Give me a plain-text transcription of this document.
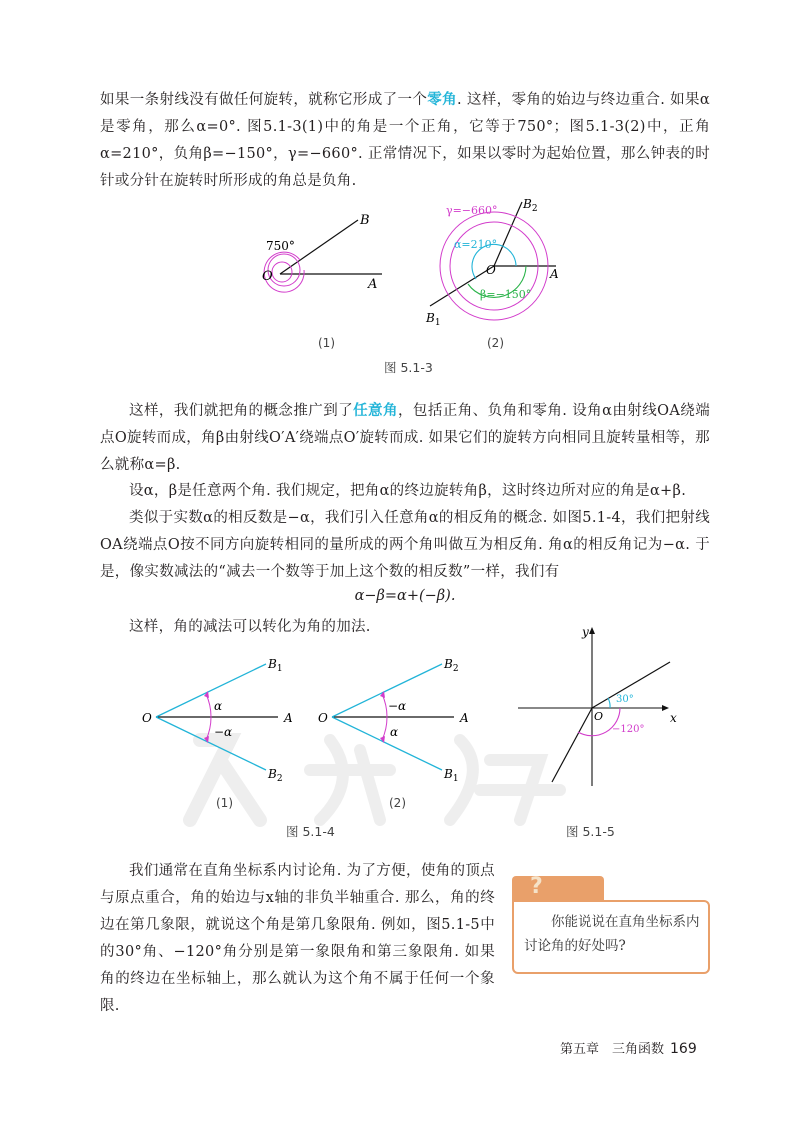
如果一条射线没有做任何旋转，就称它形成了一个零角. 这样，零角的始边与终边重合. 如果α是零角，那么α=0°. 图5.1-3(1)中的角是一个正角，它等于750°；图5.1-3(2)中，正角α=210°，负角β=−150°，γ=−660°. 正常情况下，如果以零时为起始位置，那么钟表的时针或分针在旋转时所形成的角总是负角.

750°
O
A
B
γ=−660°
α=210°
β=−150°
O	A
$B_2$
$B_1$
(1)	(2)
图 5.1-3

这样，我们就把角的概念推广到了任意角，包括正角、负角和零角. 设角α由射线OA绕端点O旋转而成，角β由射线O′A′绕端点O′旋转而成. 如果它们的旋转方向相同且旋转量相等，那么就称α=β.

设α，β是任意两个角. 我们规定，把角α的终边旋转角β，这时终边所对应的角是α+β.

类似于实数α的相反数是−α，我们引入任意角α的相反角的概念. 如图5.1-4，我们把射线OA绕端点O按不同方向旋转相同的量所成的两个角叫做互为相反角. 角α的相反角记为−α. 于是，像实数减法的“减去一个数等于加上这个数的相反数”一样，我们有

α−β=α+(−β).

这样，角的减法可以转化为角的加法.

O	A
$B_1$
$B_2$
α
−α
O	A
$B_2$
$B_1$
−α
α
(1)	(2)
图 5.1-4
x
y
O
30°
−120°
图 5.1-5

我们通常在直角坐标系内讨论角. 为了方便，使角的顶点与原点重合，角的始边与x轴的非负半轴重合. 那么，角的终边在第几象限，就说这个角是第几象限角. 例如，图5.1-5中的30°角、−120°角分别是第一象限角和第三象限角. 如果角的终边在坐标轴上，那么就认为这个角不属于任何一个象限.

?
你能说说在直角坐标系内讨论角的好处吗?
第五章　三角函数 169
